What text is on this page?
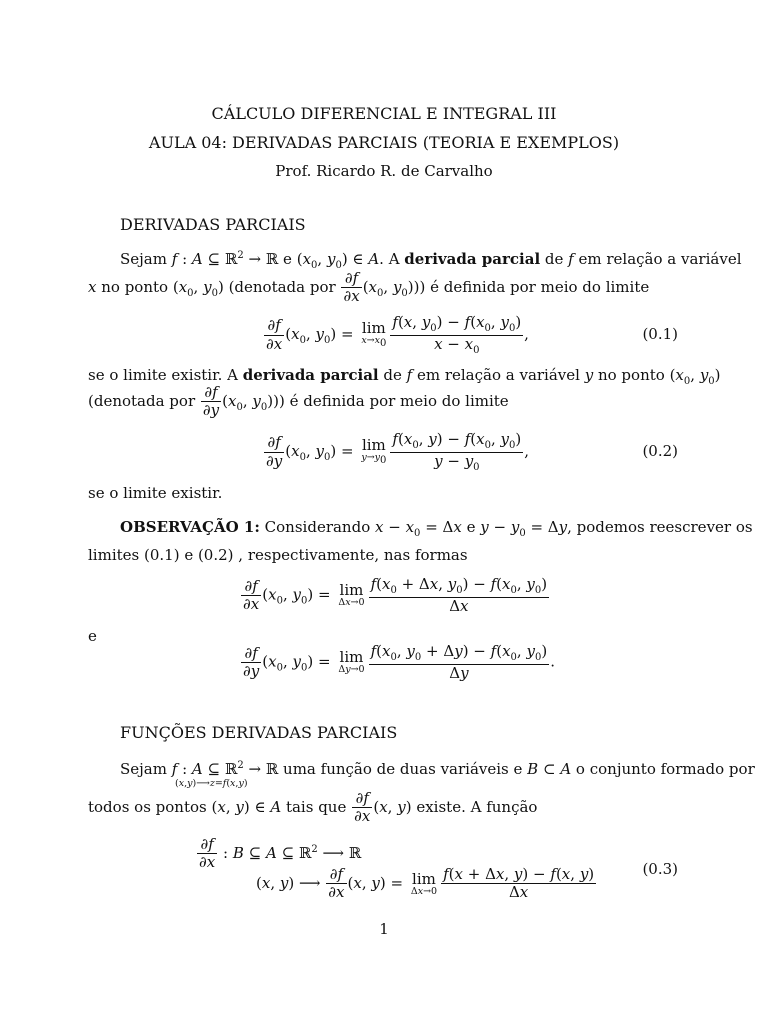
CÁLCULO DIFERENCIAL E INTEGRAL III
AULA 04: DERIVADAS PARCIAIS (TEORIA E EXEMPLOS)
Prof. Ricardo R. de Carvalho
DERIVADAS PARCIAIS
Sejam f : A ⊆ ℝ$^2$ → ℝ e ($x_0$, $y_0$) ∈ A. A derivada parcial de f em relação a variável
x no ponto ($x_0$, $y_0$) (denotada por $\frac{\partial f}{\partial x} (x_0$, $y_0$))) é definida por meio do limite
$\frac{\partial f}{\partial x} (x_0$, $y_0) = \lim$
$x\to x_0 \frac{f(x, y_0) - f(x_0, y_0)}{x - x_0}$ ,	(0.1)
se o limite existir. A derivada parcial de f em relação a variável y no ponto ($x_0$, $y_0$)
(denotada por $\frac{\partial f}{\partial y} (x_0$, $y_0$))) é definida por meio do limite
$\frac{\partial f}{\partial y} (x_0$, $y_0) = \lim$
$y\to y_0 \frac{f(x_0, y) - f(x_0, y_0)}{y - y_0}$ ,	(0.2)
se o limite existir.
OBSERVAÇÃO 1: Considerando $x - x_0 = \Delta x$ e $y - y_0 = \Delta y$, podemos reescrever os
limites (0.1) e (0.2) , respectivamente, nas formas
$\frac{\partial f}{\partial x} (x_0$, $y_0) = \lim$
$\Delta x\to 0 \frac{f(x_0 + \Delta x, y_0) - f(x_0, y_0)}{\Delta x}$
e
$\frac{\partial f}{\partial y} (x_0$, $y_0) = \lim$
$\Delta y\to 0 \frac{f(x_0, y_0 + \Delta y) - f(x_0, y_0)}{\Delta y}$ .
FUNÇÕES DERIVADAS PARCIAIS
Sejam f : A ⊆ ℝ$^2$ → ℝ uma função de duas variáveis e B ⊂ A o conjunto formado por
(x,y)⟶z=f(x,y)
todos os pontos (x, y) ∈ A tais que $\frac{\partial f}{\partial x} (x$, y) existe. A função
$\frac{\partial f}{\partial x}$ : B ⊆ A ⊆ ℝ$^2$ ⟶ ℝ
(x, y) ⟶ $\frac{\partial f}{\partial x} (x$, y) = lim
$\Delta x\to 0 \frac{f(x + \Delta x, y) - f(x, y)}{\Delta x}$	(0.3)
1
